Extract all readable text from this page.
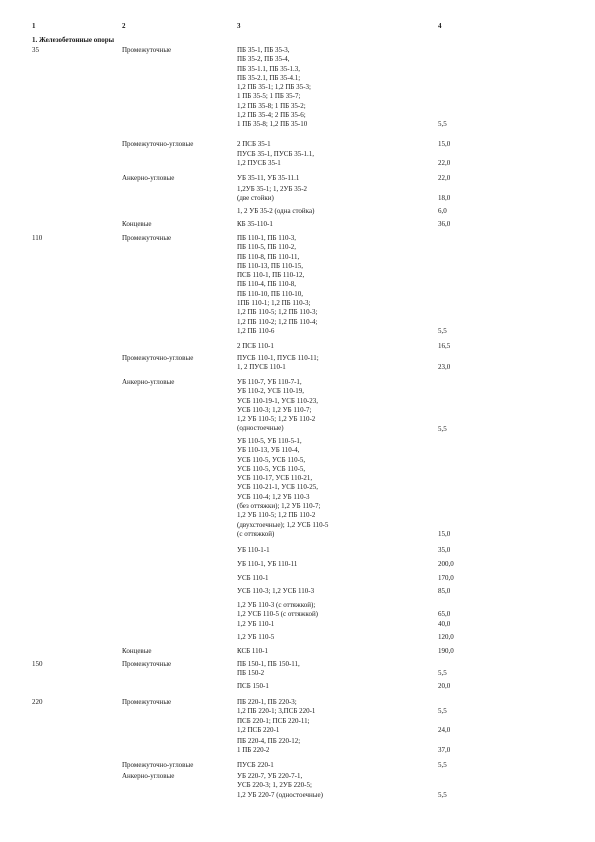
1	2	3	4
1. Железобетонные опоры
35	Промежуточные	ПБ 35-1, ПБ 35-3,
ПБ 35-2, ПБ 35-4,
ПБ 35-1.1, ПБ 35-1.3,
ПБ 35-2.1, ПБ 35-4.1;
1,2 ПБ 35-1; 1,2 ПБ 35-3;
1 ПБ 35-5; 1 ПБ 35-7;
1,2 ПБ 35-8; 1 ПБ 35-2;
1,2 ПБ 35-4; 2 ПБ 35-6;
1 ПБ 35-8; 1,2 ПБ 35-10	5,5
Промежуточно-угловые	2 ПСБ 35-1	15,0
ПУСБ 35-1, ПУСБ 35-1.1,
1,2 ПУСБ 35-1	22,0
Анкерно-угловые	УБ 35-11, УБ 35-11.1	22,0
1,2УБ 35-1; 1, 2УБ 35-2
(две стойки)	18,0
1, 2 УБ 35-2 (одна стойка)	6,0
Концевые	КБ 35-110-1	36,0
110	Промежуточные	ПБ 110-1, ПБ 110-3,
ПБ 110-5, ПБ 110-2,
ПБ 110-8, ПБ 110-11,
ПБ 110-13, ПБ 110-15,
ПСБ 110-1, ПБ 110-12,
ПБ 110-4, ПБ 110-8,
ПБ 110-10, ПБ 110-10,
1ПБ 110-1; 1,2 ПБ 110-3;
1,2 ПБ 110-5; 1,2 ПБ 110-3;
1,2 ПБ 110-2; 1,2 ПБ 110-4;
1,2 ПБ 110-6	5,5
2 ПСБ 110-1	16,5
Промежуточно-угловые	ПУСБ 110-1, ПУСБ 110-11;
1, 2 ПУСБ 110-1	23,0
Анкерно-угловые	УБ 110-7, УБ 110-7-1,
УБ 110-2, УСБ 110-19,
УСБ 110-19-1, УСБ 110-23,
УСБ 110-3; 1,2 УБ 110-7;
1,2 УБ 110-5; 1,2 УБ 110-2
(одностоечные)	5,5
УБ 110-5, УБ 110-5-1,
УБ 110-13, УБ 110-4,
УСБ 110-5, УСБ 110-5,
УСБ 110-5, УСБ 110-5,
УСБ 110-17, УСБ 110-21,
УСБ 110-21-1, УСБ 110-25,
УСБ 110-4; 1,2 УБ 110-3
(без оттяжки); 1,2 УБ 110-7;
1,2 УБ 110-5; 1,2 ПБ 110-2
(двухстоечные); 1,2 УСБ 110-5
(с оттяжкой)	15,0
УБ 110-1-1	35,0
УБ 110-1, УБ 110-11	200,0
УСБ 110-1	170,0
УСБ 110-3; 1,2 УСБ 110-3	85,0
1,2 УБ 110-3 (с оттяжкой);
1,2 УСБ 110-5 (с оттяжкой)	65,0
1,2 УБ 110-1	40,0
1,2 УБ 110-5	120,0
Концевые	КСБ 110-1	190,0
150	Промежуточные	ПБ 150-1, ПБ 150-11,
ПБ 150-2	5,5
ПСБ 150-1	20,0
220	Промежуточные	ПБ 220-1, ПБ 220-3;
1,2 ПБ 220-1; 3,ПСБ 220-1	5,5
ПСБ 220-1; ПСБ 220-11;
1,2 ПСБ 220-1	24,0
ПБ 220-4, ПБ 220-12;
1 ПБ 220-2	37,0
Промежуточно-угловые	ПУСБ 220-1	5,5
Анкерно-угловые	УБ 220-7, УБ 220-7-1,
УСБ 220-3; 1, 2УБ 220-5;
1,2 УБ 220-7 (одностоечные)	5,5
